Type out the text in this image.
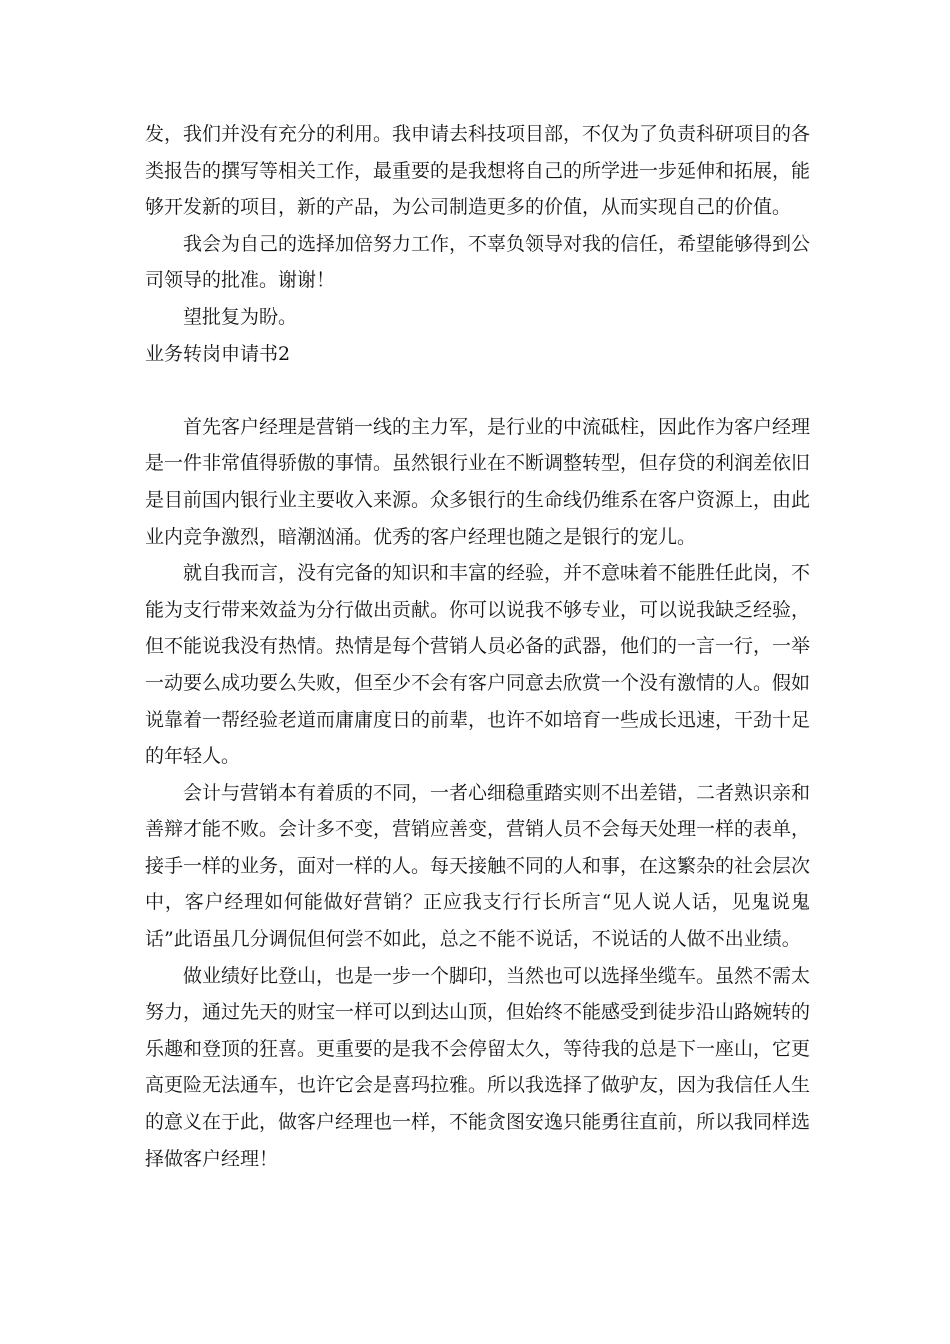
发，我们并没有充分的利用。我申请去科技项目部，不仅为了负责科研项目的各类报告的撰写等相关工作，最重要的是我想将自己的所学进一步延伸和拓展，能够开发新的项目，新的产品，为公司制造更多的价值，从而实现自己的价值。

我会为自己的选择加倍努力工作，不辜负领导对我的信任，希望能够得到公司领导的批准。谢谢！

望批复为盼。

业务转岗申请书2

首先客户经理是营销一线的主力军，是行业的中流砥柱，因此作为客户经理是一件非常值得骄傲的事情。虽然银行业在不断调整转型，但存贷的利润差依旧是目前国内银行业主要收入来源。众多银行的生命线仍维系在客户资源上，由此业内竞争激烈，暗潮汹涌。优秀的客户经理也随之是银行的宠儿。

就自我而言，没有完备的知识和丰富的经验，并不意味着不能胜任此岗，不能为支行带来效益为分行做出贡献。你可以说我不够专业，可以说我缺乏经验，但不能说我没有热情。热情是每个营销人员必备的武器，他们的一言一行，一举一动要么成功要么失败，但至少不会有客户同意去欣赏一个没有激情的人。假如说靠着一帮经验老道而庸庸度日的前辈，也许不如培育一些成长迅速，干劲十足的年轻人。

会计与营销本有着质的不同，一者心细稳重踏实则不出差错，二者熟识亲和善辩才能不败。会计多不变，营销应善变，营销人员不会每天处理一样的表单，接手一样的业务，面对一样的人。每天接触不同的人和事，在这繁杂的社会层次中，客户经理如何能做好营销？正应我支行行长所言“见人说人话，见鬼说鬼话”此语虽几分调侃但何尝不如此，总之不能不说话，不说话的人做不出业绩。

做业绩好比登山，也是一步一个脚印，当然也可以选择坐缆车。虽然不需太努力，通过先天的财宝一样可以到达山顶，但始终不能感受到徒步沿山路婉转的乐趣和登顶的狂喜。更重要的是我不会停留太久，等待我的总是下一座山，它更高更险无法通车，也许它会是喜玛拉雅。所以我选择了做驴友，因为我信任人生的意义在于此，做客户经理也一样，不能贪图安逸只能勇往直前，所以我同样选择做客户经理！
